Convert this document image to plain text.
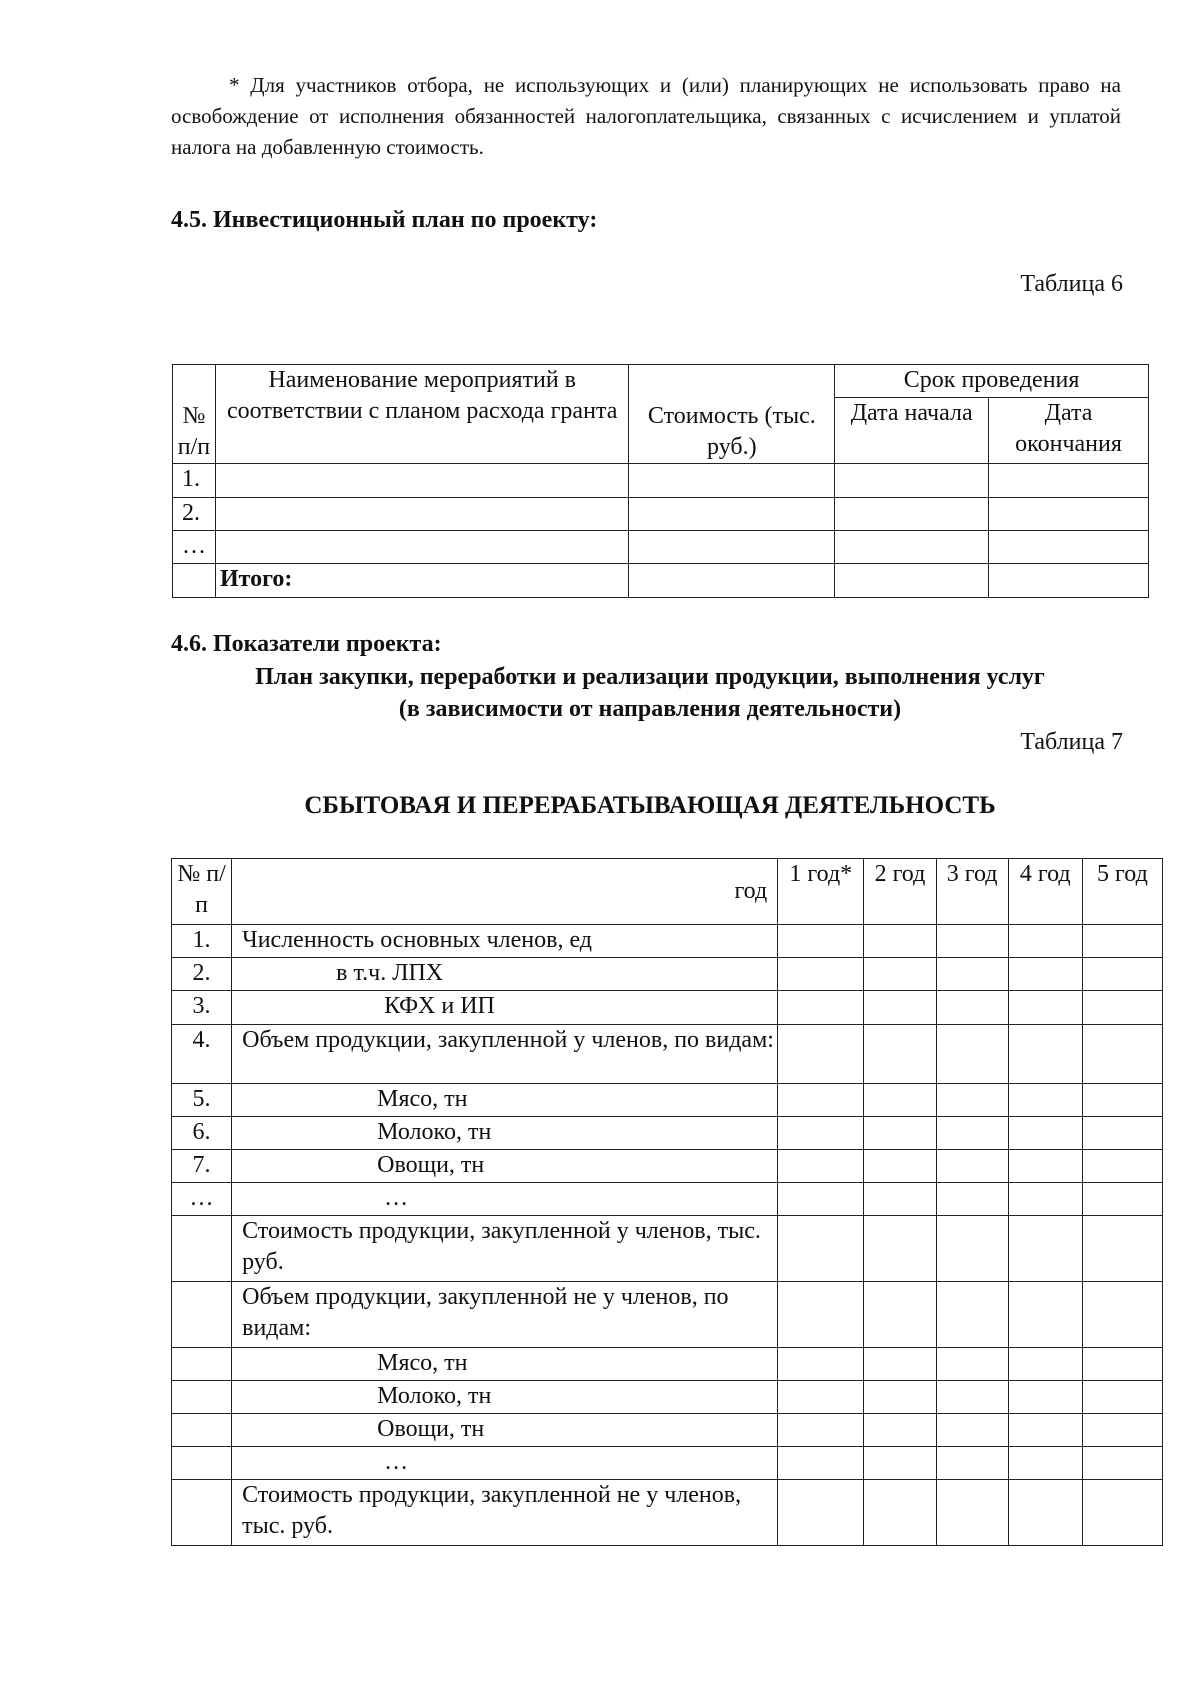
* Для участников отбора, не использующих и (или) планирующих не использовать право на освобождение от исполнения обязанностей налогоплательщика, связанных с исчислением и уплатой налога на добавленную стоимость.
4.5. Инвестиционный план по проекту:
Таблица 6
№ п/п	Наименование мероприятий в соответствии с планом расхода гранта	Стоимость (тыс. руб.)	Срок проведения	
			Дата начала	Дата окончания
1.				
2.				
…				
	Итого:			
4.6. Показатели проекта:
План закупки, переработки и реализации продукции, выполнения услуг
(в зависимости от направления деятельности)
Таблица 7
СБЫТОВАЯ И ПЕРЕРАБАТЫВАЮЩАЯ ДЕЯТЕЛЬНОСТЬ
№ п/п	год	1 год*	2 год	3 год	4 год	5 год
1.	Численность основных членов, ед					
2.	в т.ч. ЛПХ					
3.	КФХ и ИП					
4.	Объем продукции, закупленной у членов, по видам:					
5.	Мясо, тн					
6.	Молоко, тн					
7.	Овощи, тн					
…	…					
	Стоимость продукции, закупленной у членов, тыс. руб.					
	Объем продукции, закупленной не у членов, по видам:					
	Мясо, тн					
	Молоко, тн					
	Овощи, тн					
	…					
	Стоимость продукции, закупленной не у членов, тыс. руб.					
